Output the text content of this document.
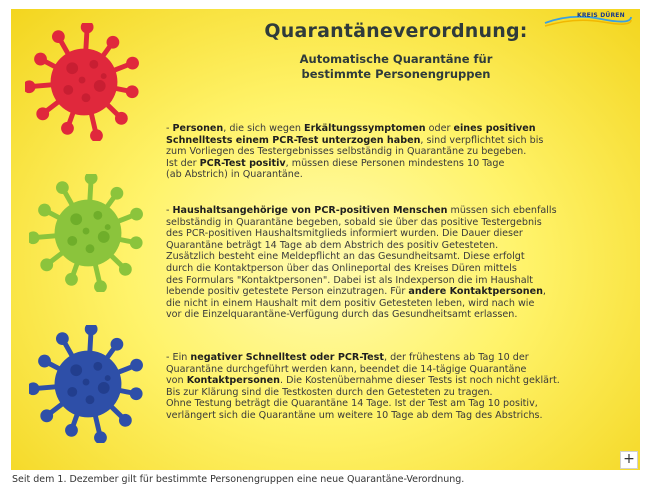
KREIS DÜREN
Quarantäneverordnung:
Automatische Quarantäne für
bestimmte Personengruppen
- Personen, die sich wegen Erkältungssymptomen oder eines positiven
Schnelltests einem PCR-Test unterzogen haben, sind verpflichtet sich bis
zum Vorliegen des Testergebnisses selbständig in Quarantäne zu begeben.
Ist der PCR-Test positiv, müssen diese Personen mindestens 10 Tage
(ab Abstrich) in Quarantäne.
- Haushaltsangehörige von PCR-positiven Menschen müssen sich ebenfalls
selbständig in Quarantäne begeben, sobald sie über das positive Testergebnis
des PCR-positiven Haushaltsmitglieds informiert wurden. Die Dauer dieser
Quarantäne beträgt 14 Tage ab dem Abstrich des positiv Getesteten.
Zusätzlich besteht eine Meldepflicht an das Gesundheitsamt. Diese erfolgt
durch die Kontaktperson über das Onlineportal des Kreises Düren mittels
des Formulars "Kontaktpersonen". Dabei ist als Indexperson die im Haushalt
lebende positiv getestete Person einzutragen. Für andere Kontaktpersonen,
die nicht in einem Haushalt mit dem positiv Getesteten leben, wird nach wie
vor die Einzelquarantäne-Verfügung durch das Gesundheitsamt erlassen.
- Ein negativer Schnelltest oder PCR-Test, der frühestens ab Tag 10 der
Quarantäne durchgeführt werden kann, beendet die 14-tägige Quarantäne
von Kontaktpersonen. Die Kostenübernahme dieser Tests ist noch nicht geklärt.
Bis zur Klärung sind die Testkosten durch den Getesteten zu tragen.
Ohne Testung beträgt die Quarantäne 14 Tage. Ist der Test am Tag 10 positiv,
verlängert sich die Quarantäne um weitere 10 Tage ab dem Tag des Abstrichs.
+
Seit dem 1. Dezember gilt für bestimmte Personengruppen eine neue Quarantäne-Verordnung.
